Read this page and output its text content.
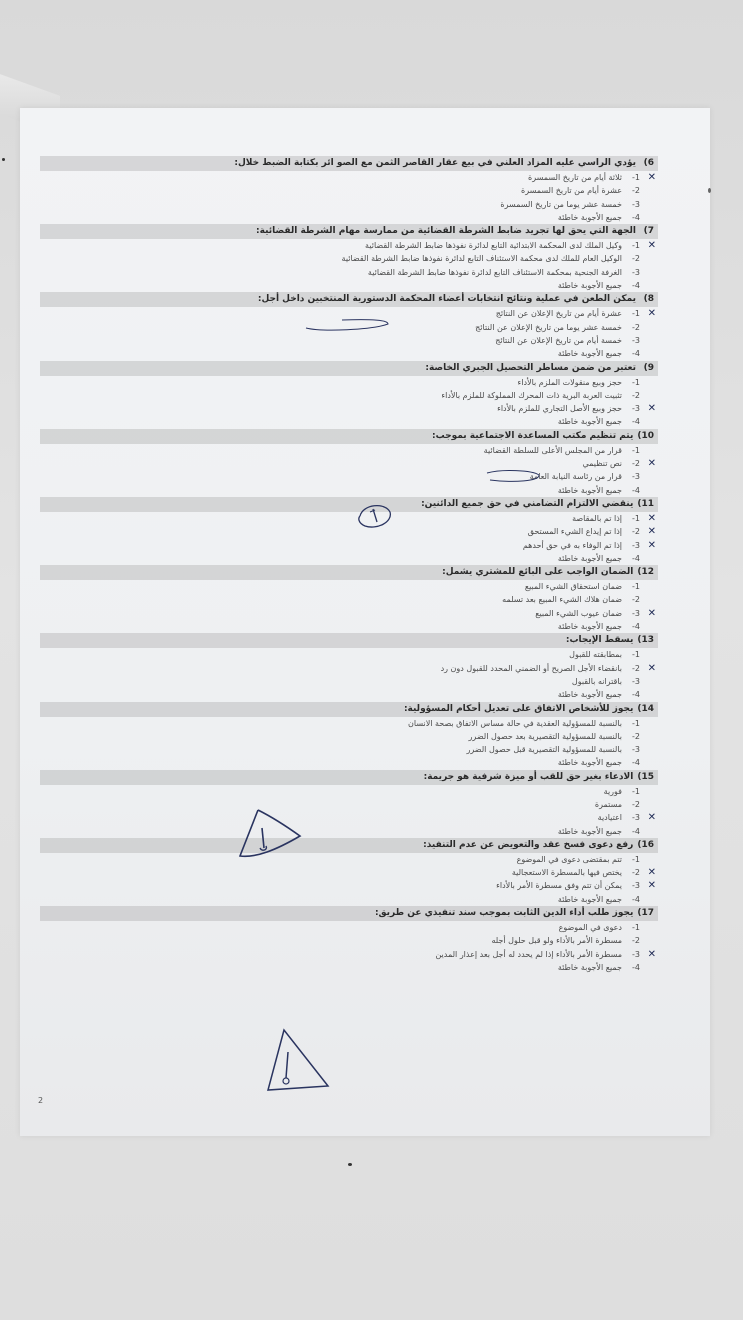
6)يؤدي الراسي عليه المزاد العلني في بيع عقار القاصر الثمن مع الصو ائر بكتابة الضبط خلال:
✕
1-ثلاثة أيام من تاريخ السمسرة
2-عشرة أيام من تاريخ السمسرة
3-خمسة عشر يوما من تاريخ السمسرة
4-جميع الأجوبة خاطئة
7)الجهة التي يحق لها تجريد ضابط الشرطة القضائية من ممارسة مهام الشرطة القضائية:
✕
1-وكيل الملك لدى المحكمة الابتدائية التابع لدائرة نفوذها ضابط الشرطة القضائية
2-الوكيل العام للملك لدى محكمة الاستئناف التابع لدائرة نفوذها ضابط الشرطة القضائية
3-الغرفة الجنحية بمحكمة الاستئناف التابع لدائرة نفوذها ضابط الشرطة القضائية
4-جميع الأجوبة خاطئة
8)يمكن الطعن في عملية ونتائج انتخابات أعضاء المحكمة الدستورية المنتخبين داخل أجل:
✕
1-عشرة أيام من تاريخ الإعلان عن النتائج
2-خمسة عشر يوما من تاريخ الإعلان عن النتائج
3-خمسة أيام من تاريخ الإعلان عن النتائج
4-جميع الأجوبة خاطئة
9)تعتبر من ضمن مساطر التحصيل الجبري الخاصة:
1-حجز وبيع منقولات الملزم بالأداء
2-تثبيت العربة البرية ذات المحرك المملوكة للملزم بالأداء
✕
3-حجز وبيع الأصل التجاري للملزم بالأداء
4-جميع الأجوبة خاطئة
10)يتم تنظيم مكتب المساعدة الاجتماعية بموجب:
1-قرار من المجلس الأعلى للسلطة القضائية
✕
2-نص تنظيمي
3-قرار من رئاسة النيابة العامة
4-جميع الأجوبة خاطئة
11)ينقضي الالتزام التضامني في حق جميع الدائنين:
✕
1-إذا تم بالمقاصة
✕
2-إذا تم إيداع الشيء المستحق
✕
3-إذا تم الوفاء به في حق أحدهم
4-جميع الأجوبة خاطئة
12)الضمان الواجب على البائع للمشتري يشمل:
1-ضمان استحقاق الشيء المبيع
2-ضمان هلاك الشيء المبيع بعد تسلمه
✕
3-ضمان عيوب الشيء المبيع
4-جميع الأجوبة خاطئة
13)يسقط الإيجاب:
1-بمطابقته للقبول
✕
2-بانقضاء الأجل الصريح أو الضمني المحدد للقبول دون رد
3-باقترانه بالقبول
4-جميع الأجوبة خاطئة
14)يجوز للأشخاص الاتفاق على تعديل أحكام المسؤولية:
1-بالنسبة للمسؤولية العقدية في حالة مساس الاتفاق بصحة الانسان
2-بالنسبة للمسؤولية التقصيرية بعد حصول الضرر
3-بالنسبة للمسؤولية التقصيرية قبل حصول الضرر
4-جميع الأجوبة خاطئة
15)الادعاء بغير حق للقب أو ميزة شرفية هو جريمة:
1-فورية
2-مستمرة
✕
3-اعتيادية
4-جميع الأجوبة خاطئة
16)رفع دعوى فسخ عقد والتعويض عن عدم التنفيذ:
1-تتم بمقتضى دعوى في الموضوع
✕
2-يختص فيها بالمسطرة الاستعجالية
✕
3-يمكن أن تتم وفق مسطرة الأمر بالأداء
4-جميع الأجوبة خاطئة
17)يجوز طلب أداء الدين الثابت بموجب سند تنفيذي عن طريق:
1-دعوى في الموضوع
2-مسطرة الأمر بالأداء ولو قبل حلول أجله
✕
3-مسطرة الأمر بالأداء إذا لم يحدد له أجل بعد إعذار المدين
4-جميع الأجوبة خاطئة
2
